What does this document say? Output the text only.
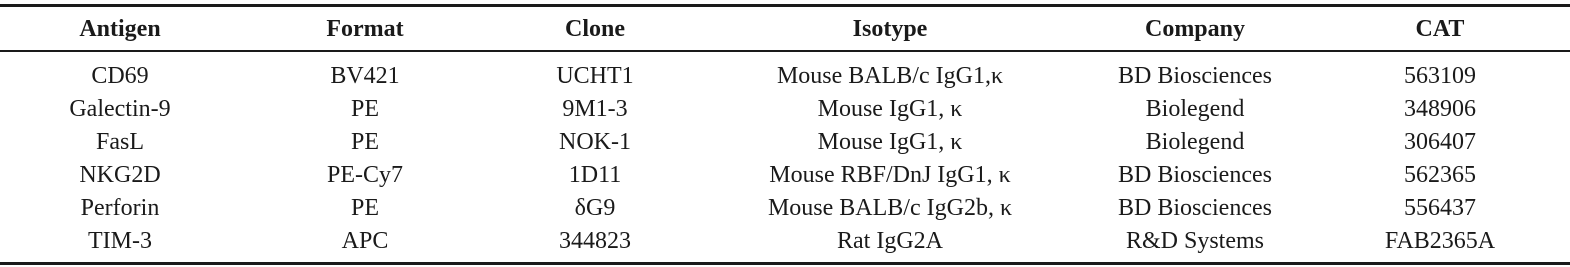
Antigen	Format	Clone	Isotype	Company	CAT
CD69	BV421	UCHT1	Mouse BALB/c IgG1,κ	BD Biosciences	563109
Galectin-9	PE	9M1-3	Mouse IgG1, κ	Biolegend	348906
FasL	PE	NOK-1	Mouse IgG1, κ	Biolegend	306407
NKG2D	PE-Cy7	1D11	Mouse RBF/DnJ IgG1, κ	BD Biosciences	562365
Perforin	PE	δG9	Mouse BALB/c IgG2b, κ	BD Biosciences	556437
TIM-3	APC	344823	Rat IgG2A	R&D Systems	FAB2365A
